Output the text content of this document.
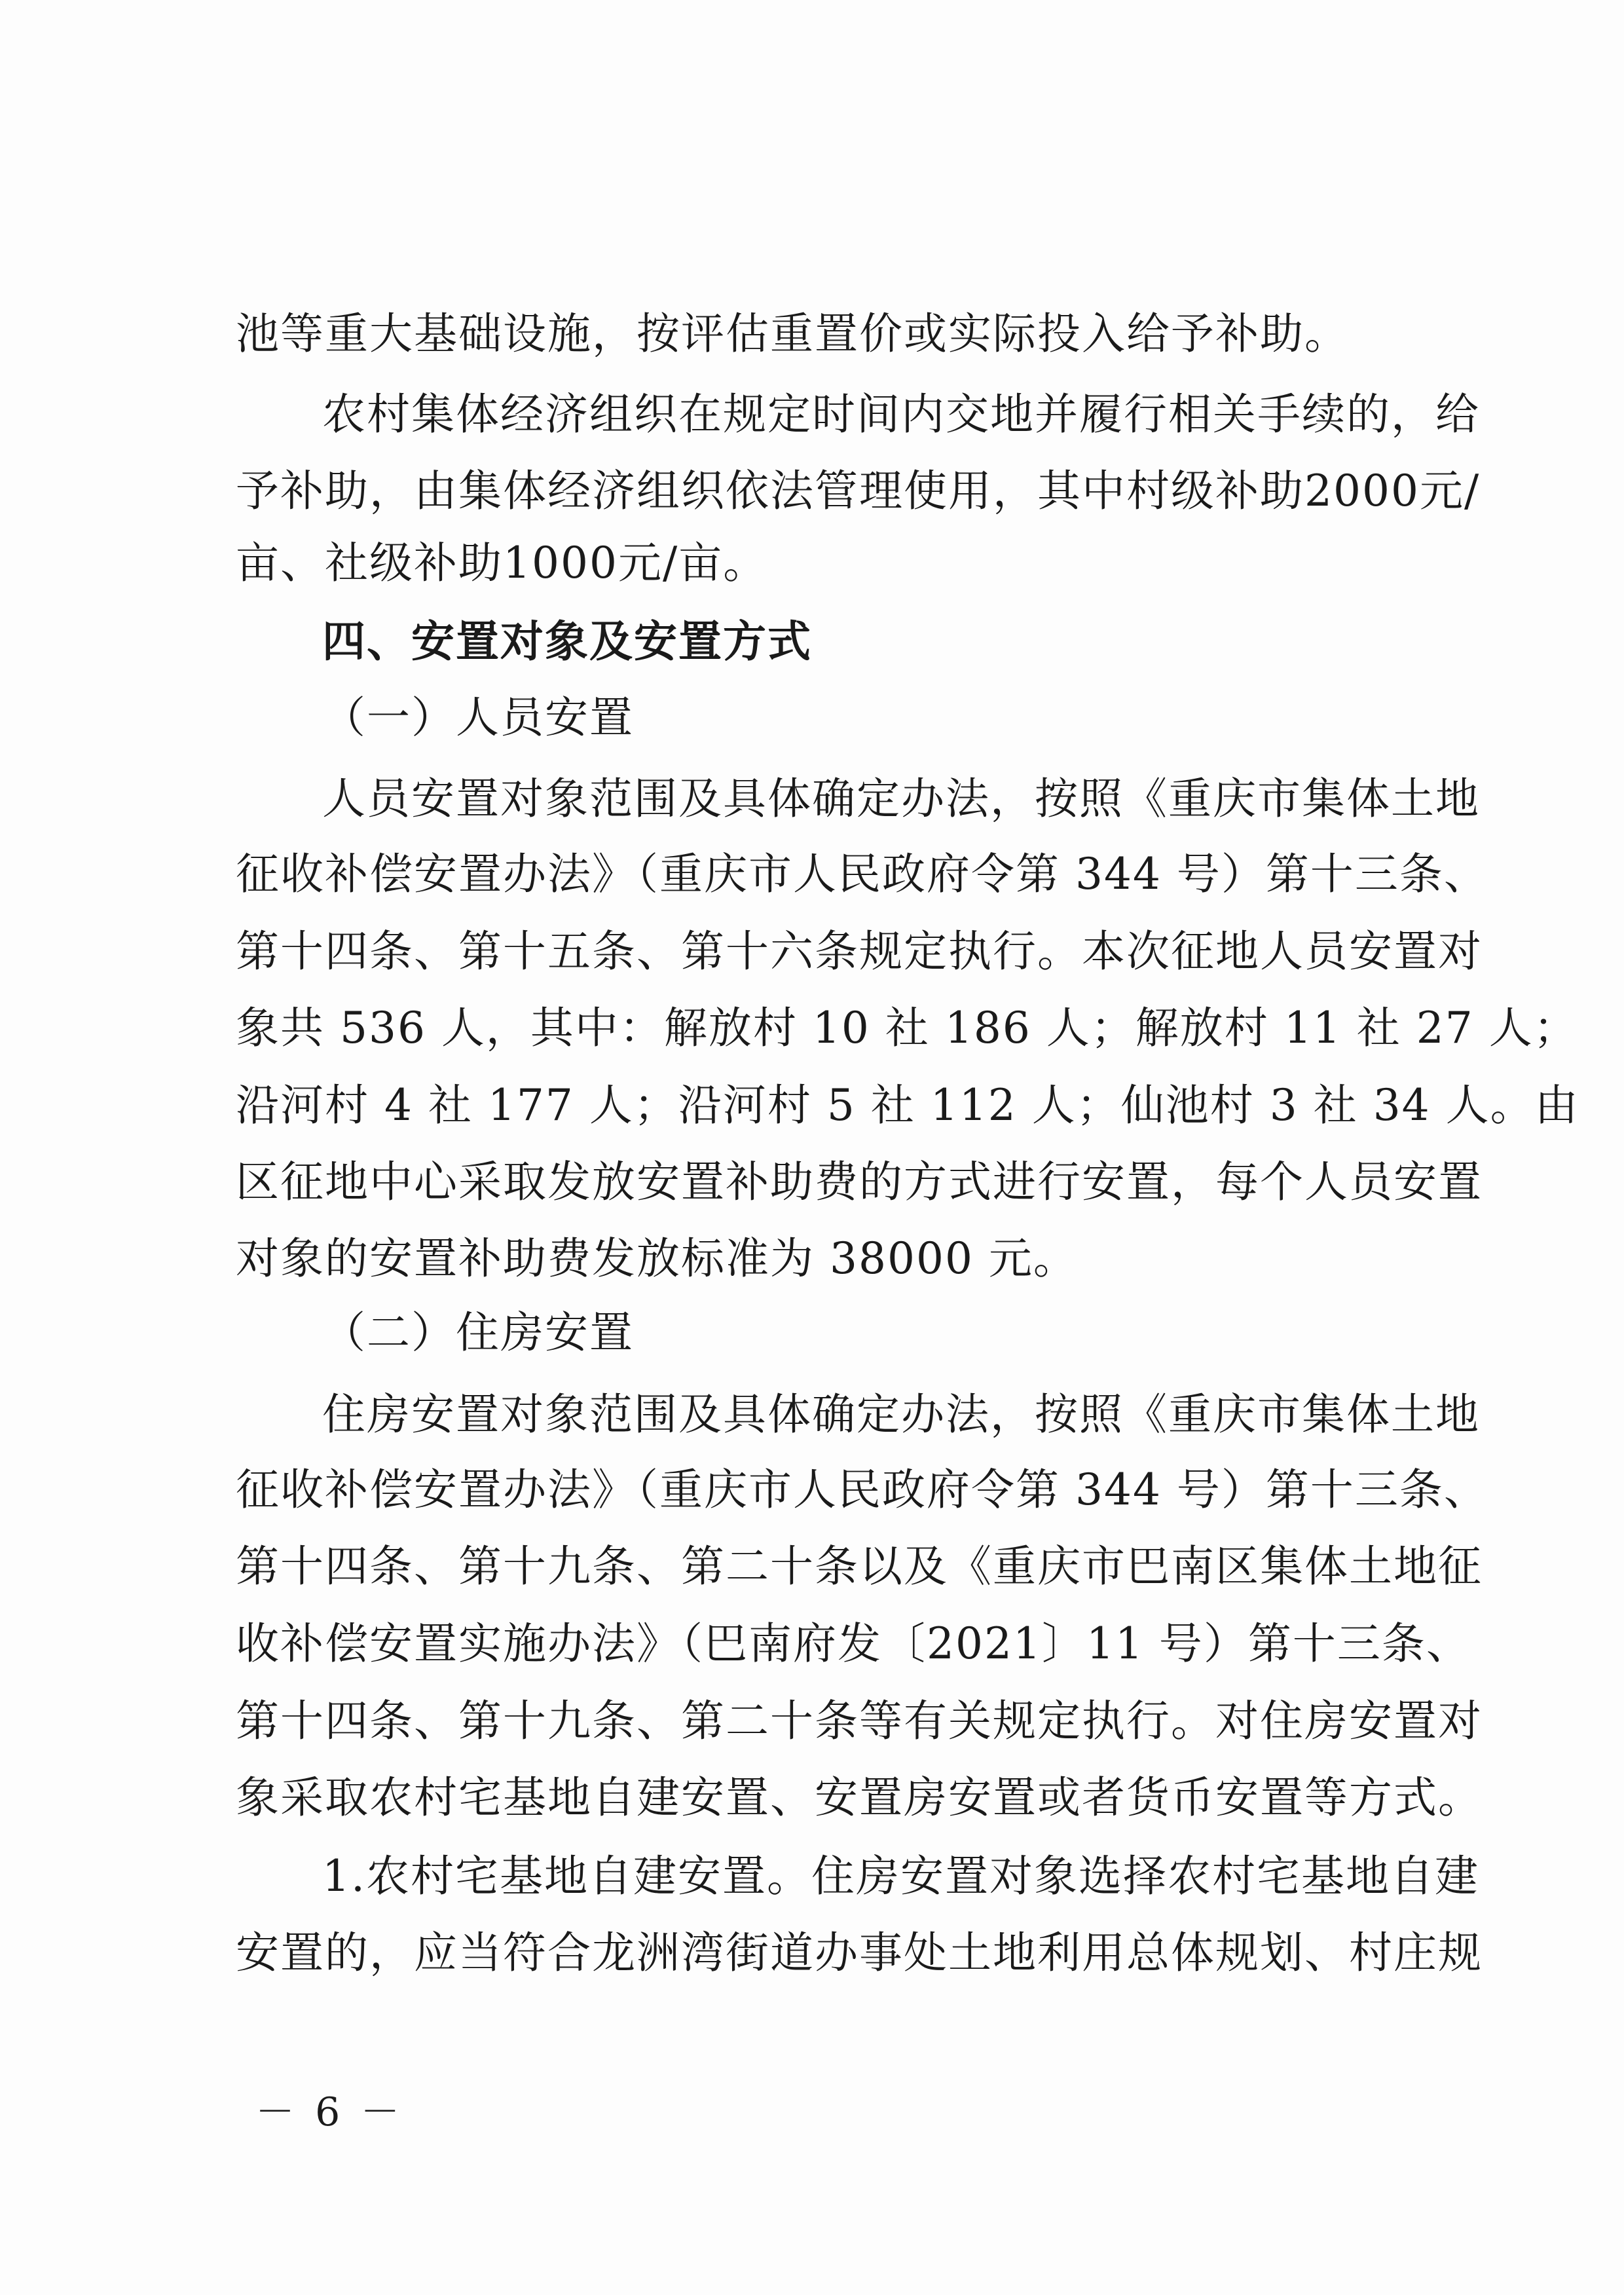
池等重大基础设施，按评估重置价或实际投入给予补助。
农村集体经济组织在规定时间内交地并履行相关手续的，给
予补助，由集体经济组织依法管理使用，其中村级补助2000元/
亩、社级补助1000元/亩。
四、安置对象及安置方式
（一）人员安置
人员安置对象范围及具体确定办法，按照《重庆市集体土地
征收补偿安置办法》（重庆市人民政府令第 344 号）第十三条、
第十四条、第十五条、第十六条规定执行。本次征地人员安置对
象共 536 人，其中：解放村 10 社 186 人；解放村 11 社 27 人；
沿河村 4 社 177 人；沿河村 5 社 112 人；仙池村 3 社 34 人。由
区征地中心采取发放安置补助费的方式进行安置，每个人员安置
对象的安置补助费发放标准为 38000 元。
（二）住房安置
住房安置对象范围及具体确定办法，按照《重庆市集体土地
征收补偿安置办法》（重庆市人民政府令第 344 号）第十三条、
第十四条、第十九条、第二十条以及《重庆市巴南区集体土地征
收补偿安置实施办法》（巴南府发〔2021〕11 号）第十三条、
第十四条、第十九条、第二十条等有关规定执行。对住房安置对
象采取农村宅基地自建安置、安置房安置或者货币安置等方式。
1.农村宅基地自建安置。住房安置对象选择农村宅基地自建
安置的，应当符合龙洲湾街道办事处土地利用总体规划、村庄规
－ 6 －
